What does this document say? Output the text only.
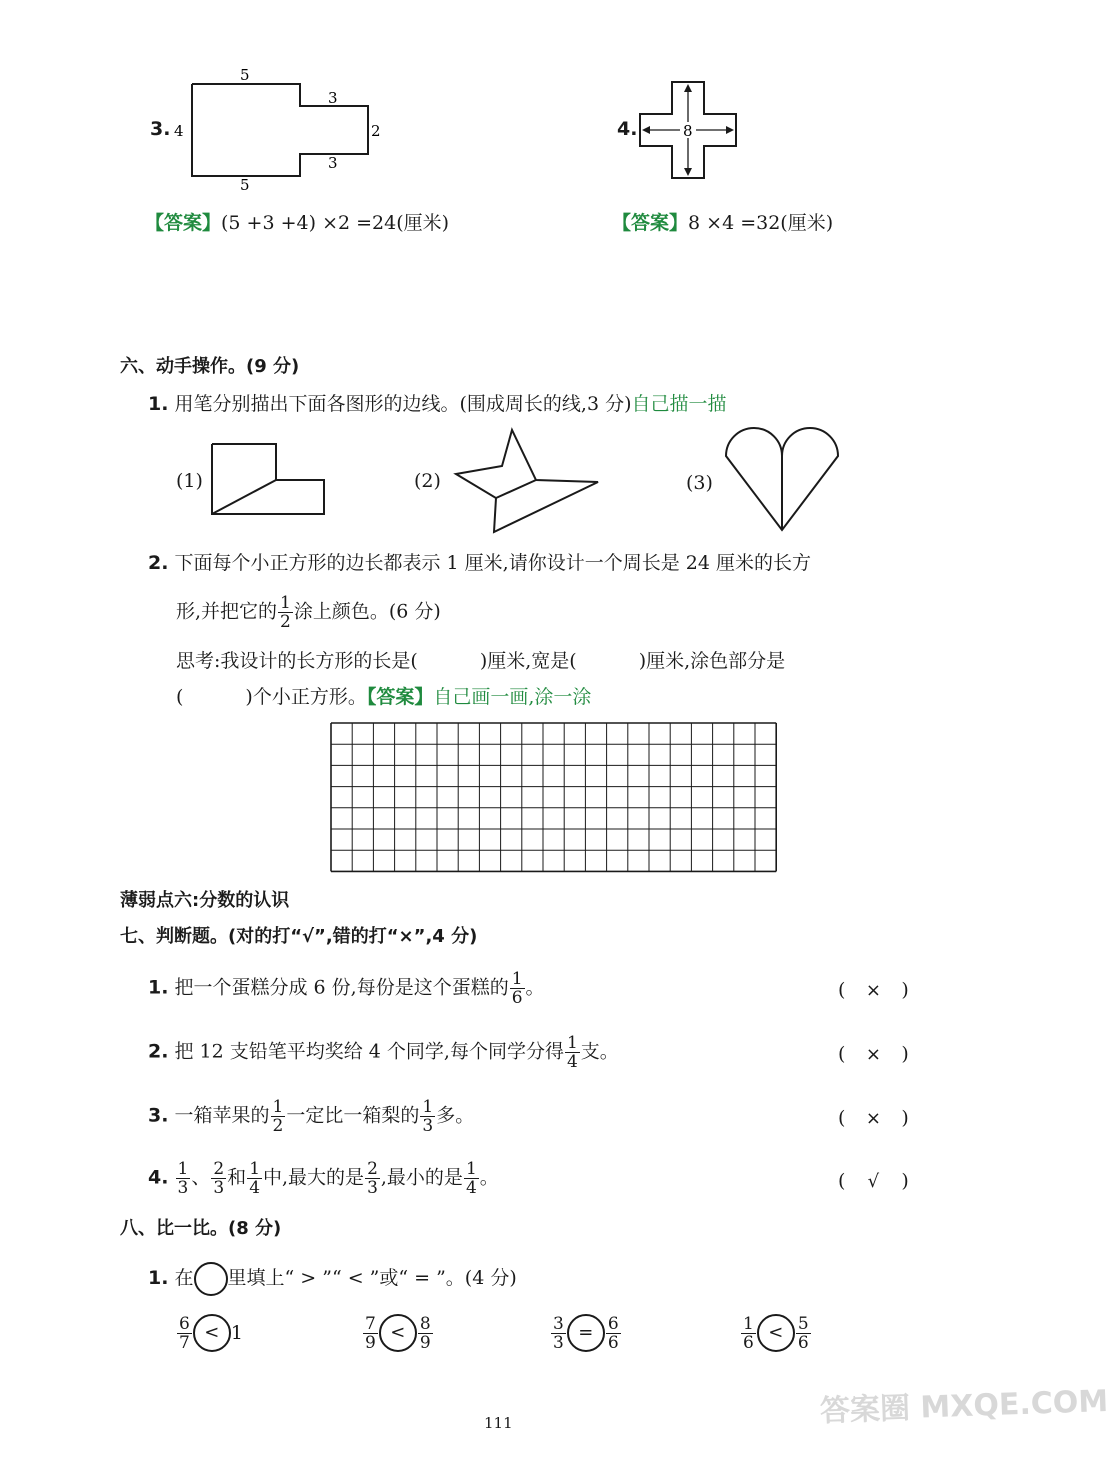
3.
5
4
3
2
3
5
【答案】(5 +3 +4) ×2 =24(厘米)
4.	8
【答案】8 ×4 =32(厘米)
六、动手操作。(9 分)
1. 用笔分别描出下面各图形的边线。(围成周长的线,3 分)自己描一描
(1)	(2)	(3)
2. 下面每个小正方形的边长都表示 1 厘米,请你设计一个周长是 24 厘米的长方
形,并把它的 $\frac{1}{2}$ 涂上颜色。(6 分)
思考:我设计的长方形的长是(	)厘米,宽是(	)厘米,涂色部分是
(	)个小正方形。【答案】自己画一画,涂一涂
薄弱点六:分数的认识
七、判断题。(对的打“√”,错的打“×”,4 分)
1. 把一个蛋糕分成 6 份,每份是这个蛋糕的 $\frac{1}{6}$ 。	( × )
2. 把 12 支铅笔平均奖给 4 个同学,每个同学分得 $\frac{1}{4}$ 支。	( × )
3. 一箱苹果的 $\frac{1}{2}$ 一定比一箱梨的 $\frac{1}{3}$ 多。	( × )
4. $\frac{1}{3}$ 、 $\frac{2}{3}$ 和 $\frac{1}{4}$ 中,最大的是 $\frac{2}{3}$ ,最小的是 $\frac{1}{4}$ 。	( √ )
八、比一比。(8 分)
1. 在 里填上“ > ”“ < ”或“ = ”。(4 分)
$\frac{6}{7} < 1$	$\frac{7}{9} < \frac{8}{9}$	$\frac{3}{3} = \frac{6}{6}$	$\frac{1}{6} < \frac{5}{6}$
111	答案圈 MXQE.COM
